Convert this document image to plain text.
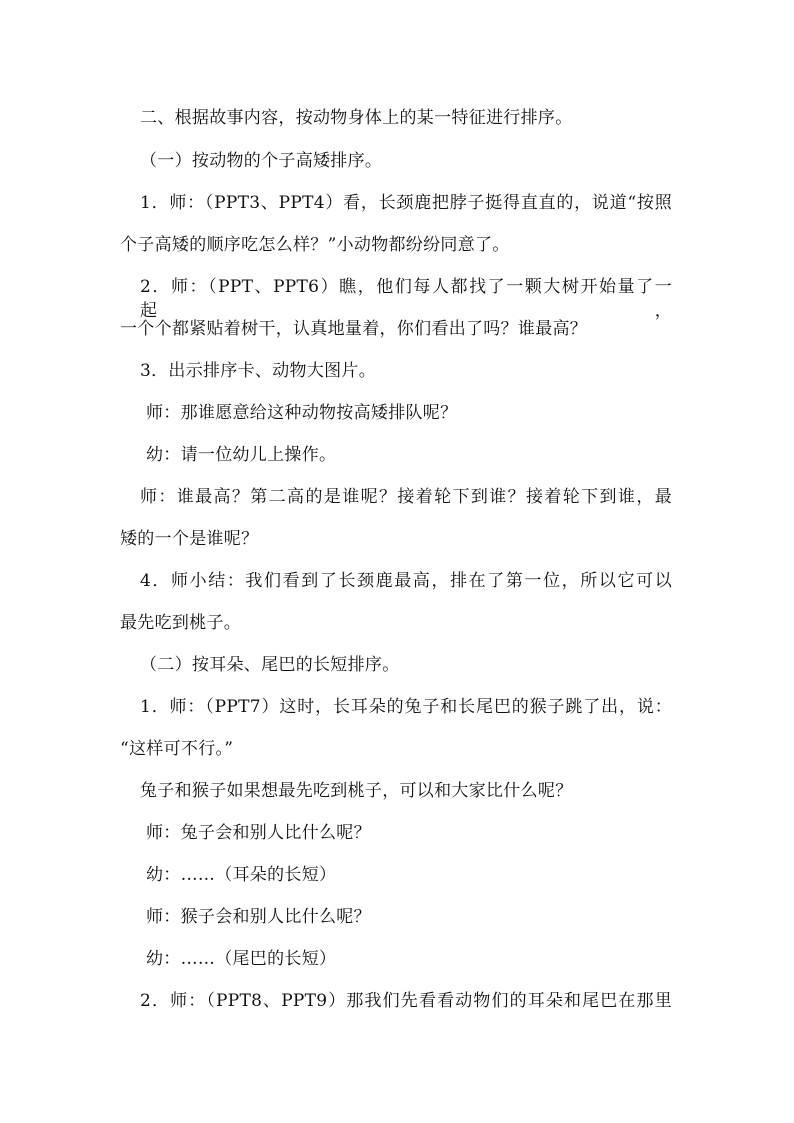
二、根据故事内容，按动物身体上的某一特征进行排序。
（一）按动物的个子高矮排序。
1．师：（PPT3、PPT4）看，长颈鹿把脖子挺得直直的，说道“按照
个子高矮的顺序吃怎么样？”小动物都纷纷同意了。
2．师：（PPT、PPT6）瞧，他们每人都找了一颗大树开始量了一起，
一个个都紧贴着树干，认真地量着，你们看出了吗？谁最高？
3．出示排序卡、动物大图片。
师：那谁愿意给这种动物按高矮排队呢？
幼：请一位幼儿上操作。
师：谁最高？第二高的是谁呢？接着轮下到谁？接着轮下到谁，最
矮的一个是谁呢？
4．师小结：我们看到了长颈鹿最高，排在了第一位，所以它可以
最先吃到桃子。
（二）按耳朵、尾巴的长短排序。
1．师：（PPT7）这时，长耳朵的兔子和长尾巴的猴子跳了出，说：
“这样可不行。”
兔子和猴子如果想最先吃到桃子，可以和大家比什么呢？
师：兔子会和别人比什么呢？
幼：……（耳朵的长短）
师：猴子会和别人比什么呢？
幼：……（尾巴的长短）
2．师：（PPT8、PPT9）那我们先看看动物们的耳朵和尾巴在那里
